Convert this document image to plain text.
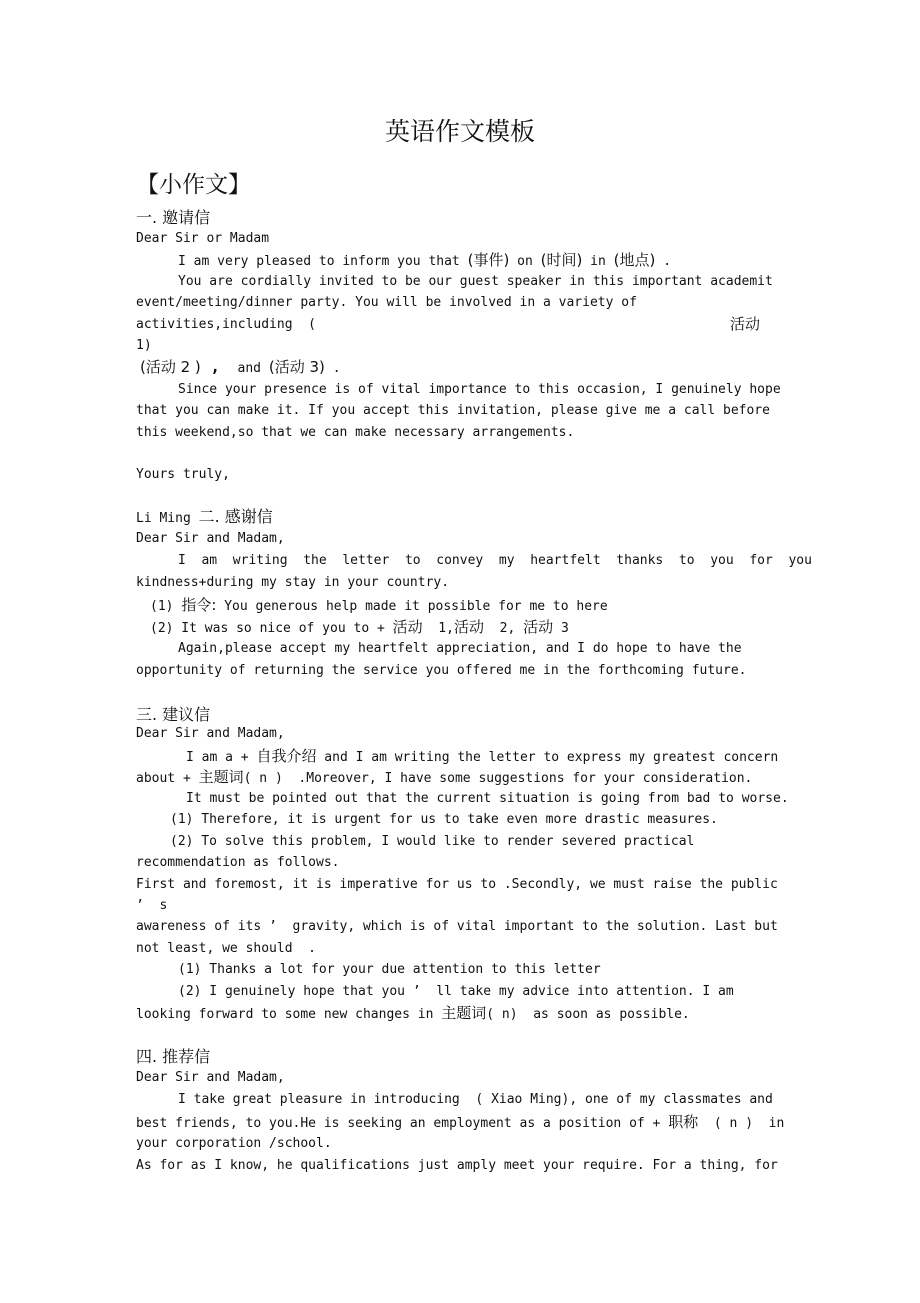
英语作文模板
【小作文】
一. 邀请信
Dear Sir or Madam
I am very pleased to inform you that (事件) on (时间) in (地点) .
You are cordially invited to be our guest speaker in this important academit
event/meeting/dinner party. You will be involved in a variety of
activities,including  (	活动
1)
(活动 2 ) ,  and (活动 3) .
Since your presence is of vital importance to this occasion, I genuinely hope
that you can make it. If you accept this invitation, please give me a call before
this weekend,so that we can make necessary arrangements.
Yours truly,
Li Ming 二. 感谢信
Dear Sir and Madam,
I  am  writing  the  letter  to  convey  my  heartfelt  thanks  to  you  for  you
kindness+during my stay in your country.
(1) 指令: You generous help made it possible for me to here
(2) It was so nice of you to + 活动  1,活动  2, 活动 3
Again,please accept my heartfelt appreciation, and I do hope to have the
opportunity of returning the service you offered me in the forthcoming future.
三. 建议信
Dear Sir and Madam,
I am a + 自我介绍 and I am writing the letter to express my greatest concern
about + 主题词( n )  .Moreover, I have some suggestions for your consideration.
It must be pointed out that the current situation is going from bad to worse.
(1) Therefore, it is urgent for us to take even more drastic measures.
(2) To solve this problem, I would like to render severed practical
recommendation as follows.
First and foremost, it is imperative for us to .Secondly, we must raise the public
’  s
awareness of its ’  gravity, which is of vital important to the solution. Last but
not least, we should  .
(1) Thanks a lot for your due attention to this letter
(2) I genuinely hope that you ’  ll take my advice into attention. I am
looking forward to some new changes in 主题词( n)  as soon as possible.
四. 推荐信
Dear Sir and Madam,
I take great pleasure in introducing  ( Xiao Ming), one of my classmates and
best friends, to you.He is seeking an employment as a position of + 职称  ( n )  in
your corporation /school.
As for as I know, he qualifications just amply meet your require. For a thing, for
